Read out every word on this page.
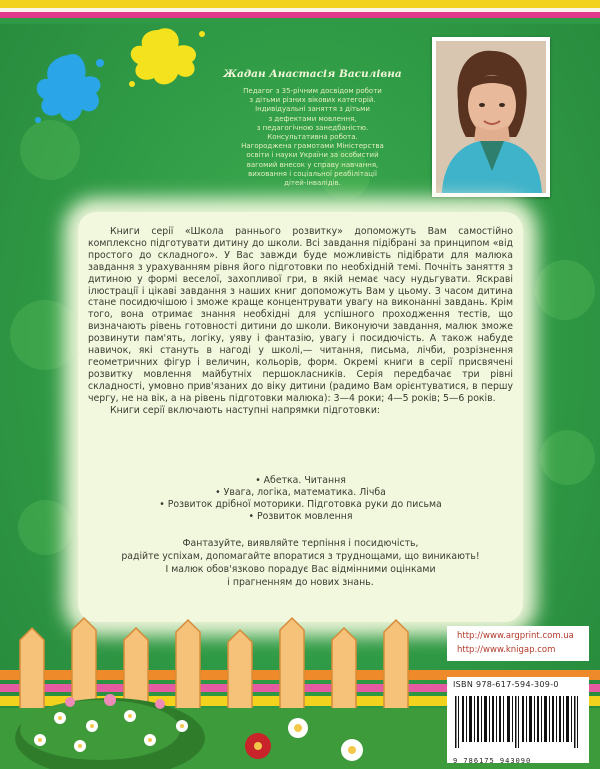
Жадан Анастасія Василівна
Педагог з 35-річним досвідом роботи
з дітьми різних вікових категорій.
Індивідуальні заняття з дітьми
з дефектами мовлення,
з педагогічною занедбаністю.
Консультативна робота.
Нагороджена грамотами Міністерства
освіти і науки України за особистий
вагомий внесок у справу навчання,
виховання і соціальної реабілітації
дітей-інвалідів.

Книги серії «Школа раннього розвитку» допоможуть Вам самостійно комплексно підготувати дитину до школи. Всі завдання підібрані за принципом «від простого до складного». У Вас завжди буде можливість підібрати для малюка завдання з урахуванням рівня його підготовки по необхідній темі. Почніть заняття з дитиною у формі веселої, захопливої гри, в якій немає часу нудьгувати. Яскраві ілюстрації і цікаві завдання з наших книг допоможуть Вам у цьому. З часом дитина стане посидючішою і зможе краще концентрувати увагу на виконанні завдань. Крім того, вона отримає знання необхідні для успішного проходження тестів, що визначають рівень готовності дитини до школи. Виконуючи завдання, малюк зможе розвинути пам'ять, логіку, уяву і фантазію, увагу і посидючість. А також набуде навичок, які стануть в нагоді у школі,— читання, письма, лічби, розрізнення геометричних фігур і величин, кольорів, форм. Окремі книги в серії присвячені розвитку мовлення майбутніх першокласників. Серія передбачає три рівні складності, умовно прив'язаних до віку дитини (радимо Вам орієнтуватися, в першу чергу, не на вік, а на рівень підготовки малюка): 3—4 роки; 4—5 років; 5—6 років.

Книги серії включають наступні напрямки підготовки:

• Абетка. Читання
• Увага, логіка, математика. Лічба
• Розвиток дрібної моторики. Підготовка руки до письма
• Розвиток мовлення
Фантазуйте, виявляйте терпіння і посидючість,
радійте успіхам, допомагайте впоратися з труднощами, що виникають!
І малюк обов'язково порадує Вас відмінними оцінками
і прагненням до нових знань.
http://www.argprint.com.ua
http://www.knigap.com
ISBN 978-617-594-309-0
9 786175 943090
